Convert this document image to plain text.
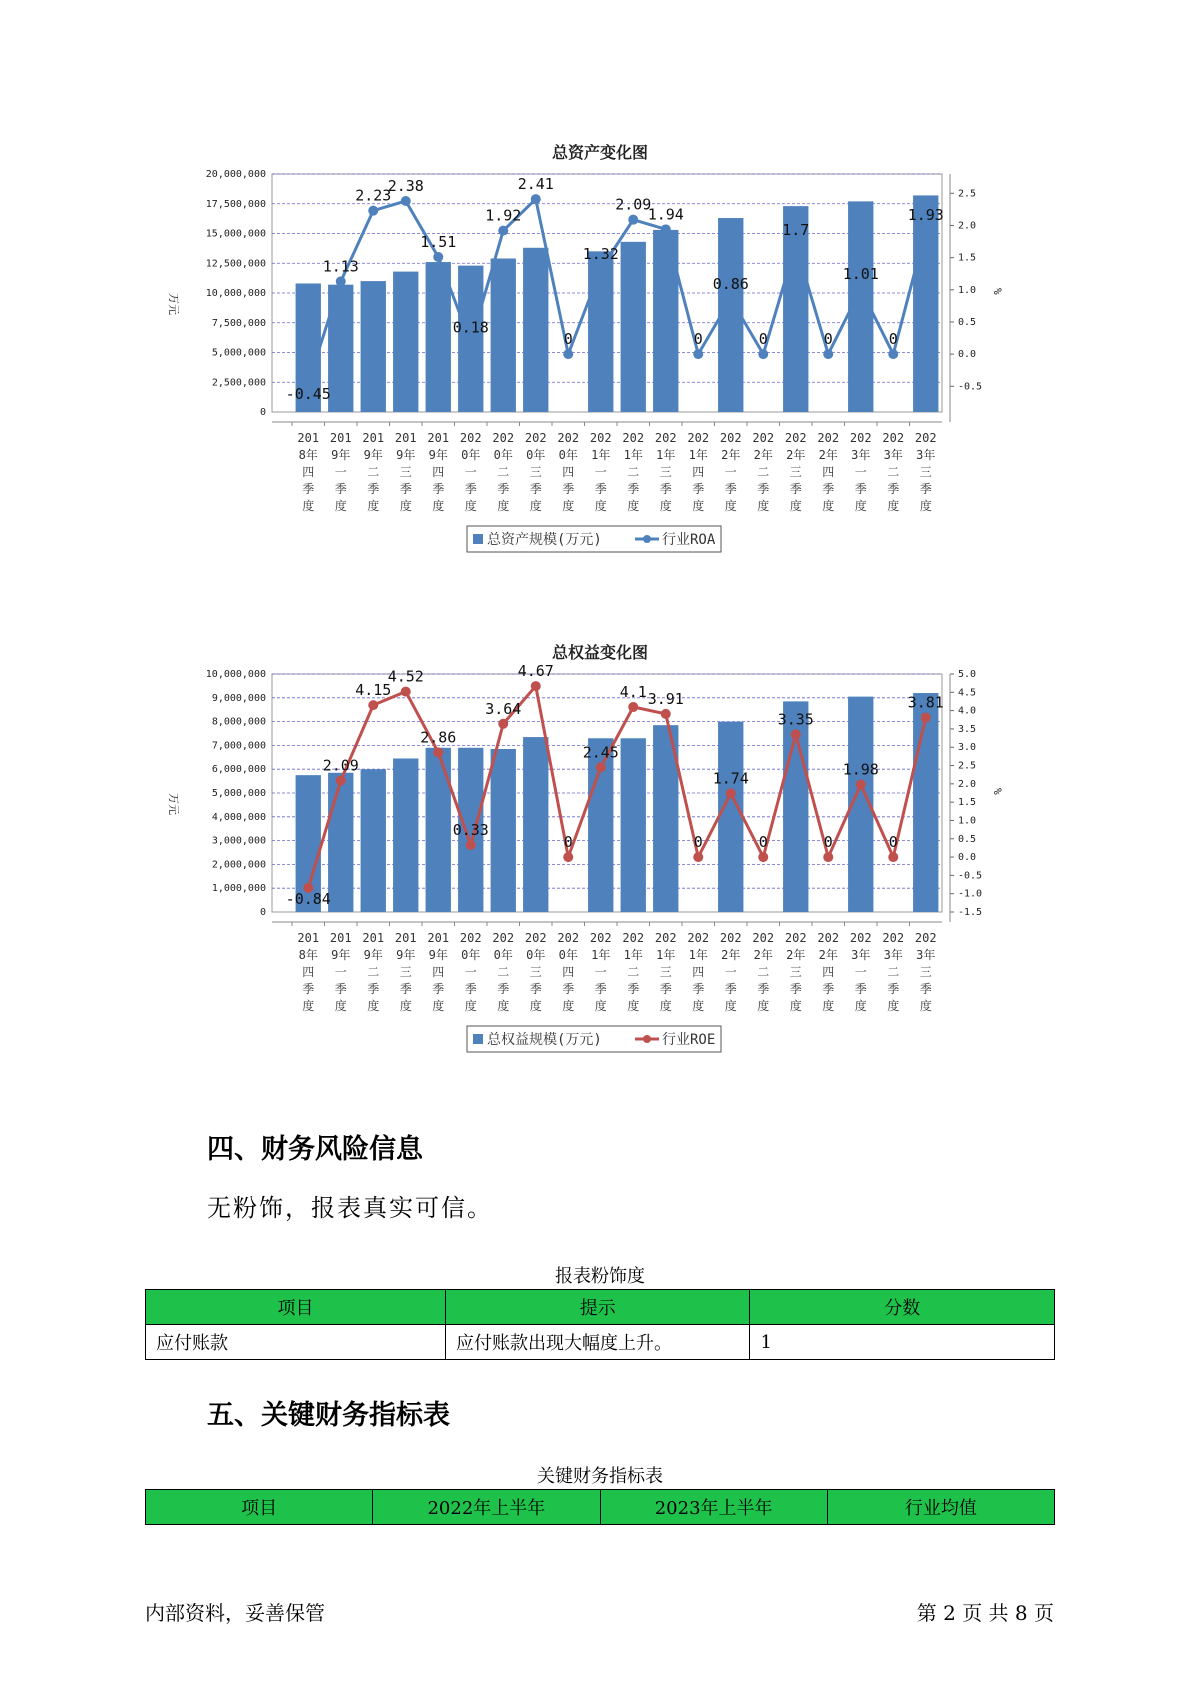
总资产变化图
20,000,000
17,500,000
15,000,000
12,500,000
10,000,000
7,500,000
5,000,000
2,500,000
0
2.5
2.0
1.5
1.0
0.5
0.0
-0.5
万元
%
201
8年
四
季
度
201
9年
一
季
度
201
9年
二
季
度
201
9年
三
季
度
201
9年
四
季
度
202
0年
一
季
度
202
0年
二
季
度
202
0年
三
季
度
202
0年
四
季
度
202
1年
一
季
度
202
1年
二
季
度
202
1年
三
季
度
202
1年
四
季
度
202
2年
一
季
度
202
2年
二
季
度
202
2年
三
季
度
202
2年
四
季
度
202
3年
一
季
度
202
3年
二
季
度
202
3年
三
季
度
-0.45
1.13
2.23
2.38
1.51
0.18
1.92
2.41
0
1.32
2.09
1.94
0
0.86
0
1.7
0
1.01
0
1.93
总资产规模(万元)	行业ROA
总权益变化图
10,000,000
9,000,000
8,000,000
7,000,000
6,000,000
5,000,000
4,000,000
3,000,000
2,000,000
1,000,000
0
5.0
4.5
4.0
3.5
3.0
2.5
2.0
1.5
1.0
0.5
0.0
-0.5
-1.0
-1.5
万元
%
201
8年
四
季
度
201
9年
一
季
度
201
9年
二
季
度
201
9年
三
季
度
201
9年
四
季
度
202
0年
一
季
度
202
0年
二
季
度
202
0年
三
季
度
202
0年
四
季
度
202
1年
一
季
度
202
1年
二
季
度
202
1年
三
季
度
202
1年
四
季
度
202
2年
一
季
度
202
2年
二
季
度
202
2年
三
季
度
202
2年
四
季
度
202
3年
一
季
度
202
3年
二
季
度
202
3年
三
季
度
-0.84
2.09
4.15
4.52
2.86
0.33
3.64
4.67
0
2.45
4.1 3.91
0
1.74
0
3.35
0
1.98
0
3.81
总权益规模(万元)	行业ROE
四、财务风险信息
无粉饰，报表真实可信。
报表粉饰度
项目	提示	分数
应付账款	应付账款出现大幅度上升。	1
五、关键财务指标表
关键财务指标表
项目	2022年上半年	2023年上半年	行业均值
内部资料，妥善保管	第 2 页 共 8 页
